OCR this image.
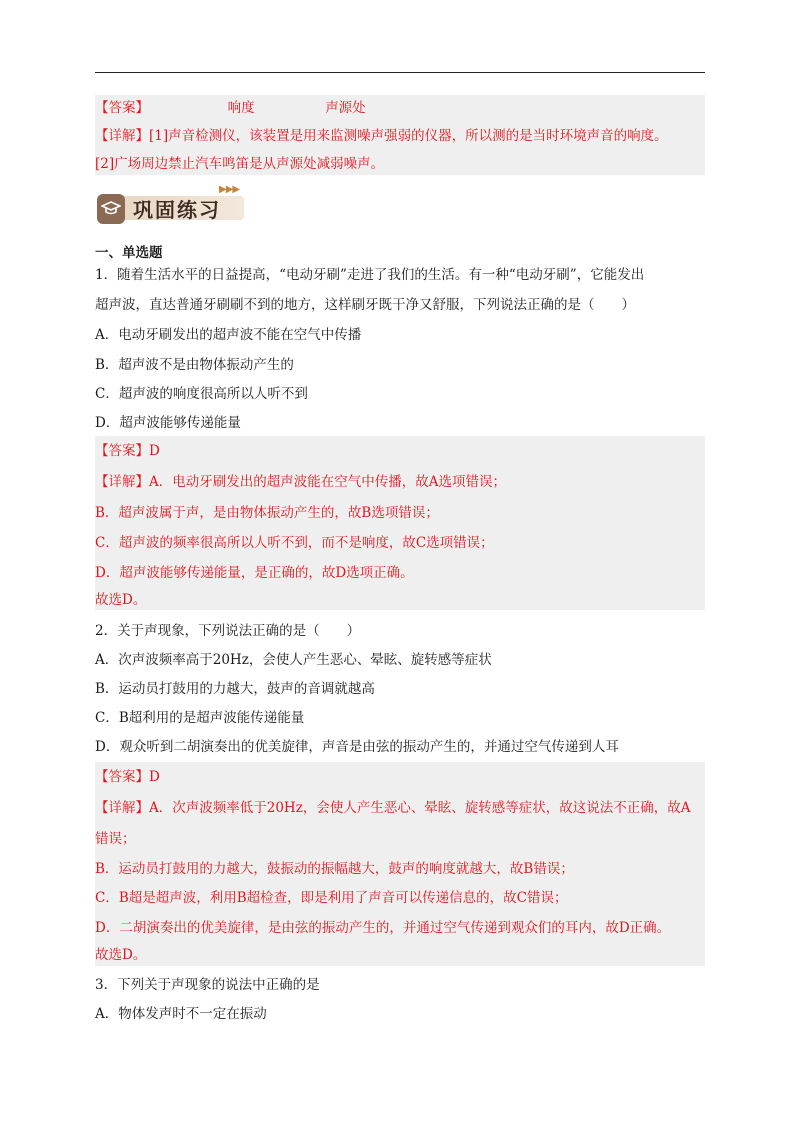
【答案】	响度	声源处
【详解】[1]声音检测仪，该装置是用来监测噪声强弱的仪器，所以测的是当时环境声音的响度。
[2]广场周边禁止汽车鸣笛是从声源处减弱噪声。
巩固练习
▶▶▶
一、单选题
1．随着生活水平的日益提高，“电动牙刷”走进了我们的生活。有一种“电动牙刷”，它能发出
超声波，直达普通牙刷刷不到的地方，这样刷牙既干净又舒服，下列说法正确的是（　　）
A．电动牙刷发出的超声波不能在空气中传播
B．超声波不是由物体振动产生的
C．超声波的响度很高所以人听不到
D．超声波能够传递能量
【答案】D
【详解】A．电动牙刷发出的超声波能在空气中传播，故A选项错误；
B．超声波属于声，是由物体振动产生的，故B选项错误；
C．超声波的频率很高所以人听不到，而不是响度，故C选项错误；
D．超声波能够传递能量，是正确的，故D选项正确。
故选D。
2．关于声现象，下列说法正确的是（　　）
A．次声波频率高于20Hz，会使人产生恶心、晕眩、旋转感等症状
B．运动员打鼓用的力越大，鼓声的音调就越高
C．B超利用的是超声波能传递能量
D．观众听到二胡演奏出的优美旋律，声音是由弦的振动产生的，并通过空气传递到人耳
【答案】D
【详解】A．次声波频率低于20Hz，会使人产生恶心、晕眩、旋转感等症状，故这说法不正确，故A
错误；
B．运动员打鼓用的力越大，鼓振动的振幅越大，鼓声的响度就越大，故B错误；
C．B超是超声波，利用B超检查，即是利用了声音可以传递信息的，故C错误；
D．二胡演奏出的优美旋律，是由弦的振动产生的，并通过空气传递到观众们的耳内，故D正确。
故选D。
3．下列关于声现象的说法中正确的是
A．物体发声时不一定在振动
